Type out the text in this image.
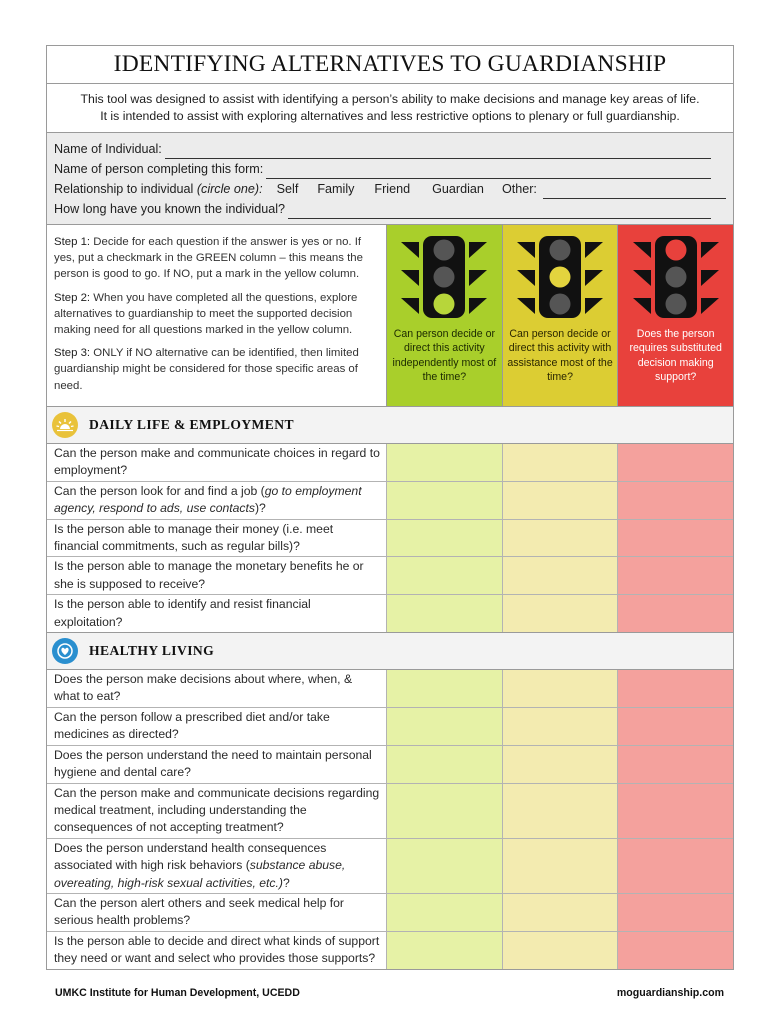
IDENTIFYING ALTERNATIVES TO GUARDIANSHIP
This tool was designed to assist with identifying a person’s ability to make decisions and manage key areas of life.
It is intended to assist with exploring alternatives and less restrictive options to plenary or full guardianship.
Name of Individual:
Name of person completing this form:
Relationship to individual
(circle one): Self Family Friend Guardian Other:
How long have you known the individual?

Step 1: Decide for each question if the answer is yes or no. If yes, put a checkmark in the GREEN column – this means the person is good to go. If NO, put a mark in the yellow column.

Step 2: When you have completed all the questions, explore alternatives to guardianship to meet the supported decision making need for all questions marked in the yellow column.

Step 3: ONLY if NO alternative can be identified, then limited guardianship might be considered for those specific areas of need.

Can person decide or direct this activity independently most of the time?
Can person decide or direct this activity with assistance most of the time?
Does the person requires substituted decision making support?
DAILY LIFE & EMPLOYMENT
Can the person make and communicate choices in regard to employment?
Can the person look for and find a job (go to employment agency, respond to ads, use contacts)?
Is the person able to manage their money (i.e. meet financial commitments, such as regular bills)?
Is the person able to manage the monetary benefits he or she is supposed to receive?
Is the person able to identify and resist financial exploitation?
HEALTHY LIVING
Does the person make decisions about where, when, & what to eat?
Can the person follow a prescribed diet and/or take medicines as directed?
Does the person understand the need to maintain personal hygiene and dental care?
Can the person make and communicate decisions regarding medical treatment, including understanding the consequences of not accepting treatment?
Does the person understand health consequences associated with high risk behaviors (substance abuse, overeating, high-risk sexual activities, etc.)?
Can the person alert others and seek medical help for serious health problems?
Is the person able to decide and direct what kinds of support they need or want and select who provides those supports?
UMKC Institute for Human Development, UCEDD	moguardianship.com
